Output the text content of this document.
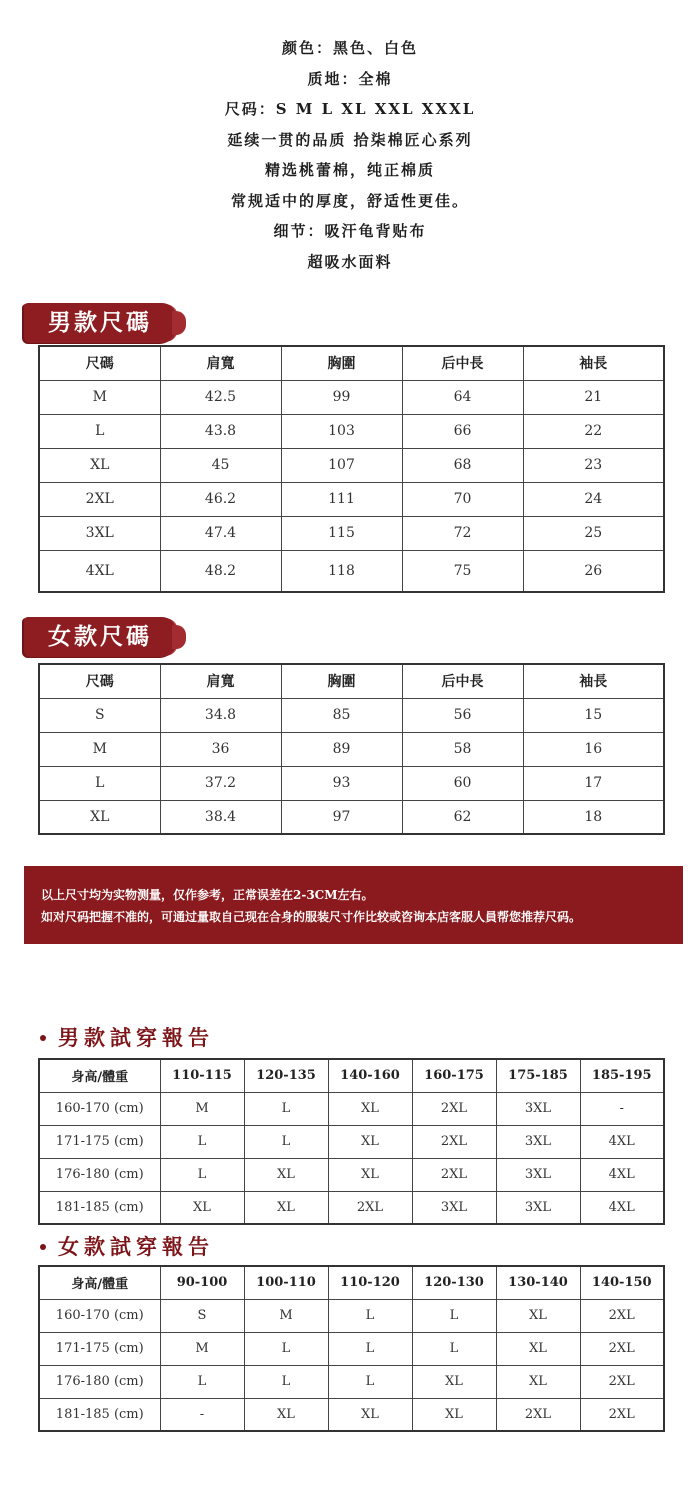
颜色：黑色、白色
质地：全棉
尺码：S M L XL XXL XXXL
延续一贯的品质 拾柒棉匠心系列
精选桃蕾棉，纯正棉质
常规适中的厚度，舒适性更佳。
细节：吸汗龟背贴布
超吸水面料
男款尺碼
尺碼	肩寬	胸圍	后中長	袖長
M	42.5	99	64	21
L	43.8	103	66	22
XL	45	107	68	23
2XL	46.2	111	70	24
3XL	47.4	115	72	25
4XL	48.2	118	75	26
女款尺碼
尺碼	肩寬	胸圍	后中長	袖長
S	34.8	85	56	15
M	36	89	58	16
L	37.2	93	60	17
XL	38.4	97	62	18
以上尺寸均为实物测量，仅作参考，正常误差在2-3CM左右。
如对尺码把握不准的，可通过量取自己现在合身的服装尺寸作比较或咨询本店客服人員帮您推荐尺码。
男款試穿報告
身高/體重	110-115	120-135	140-160	160-175	175-185	185-195
160-170 (cm)	M	L	XL	2XL	3XL	-
171-175 (cm)	L	L	XL	2XL	3XL	4XL
176-180 (cm)	L	XL	XL	2XL	3XL	4XL
181-185 (cm)	XL	XL	2XL	3XL	3XL	4XL
女款試穿報告
身高/體重	90-100	100-110	110-120	120-130	130-140	140-150
160-170 (cm)	S	M	L	L	XL	2XL
171-175 (cm)	M	L	L	L	XL	2XL
176-180 (cm)	L	L	L	XL	XL	2XL
181-185 (cm)	-	XL	XL	XL	2XL	2XL
